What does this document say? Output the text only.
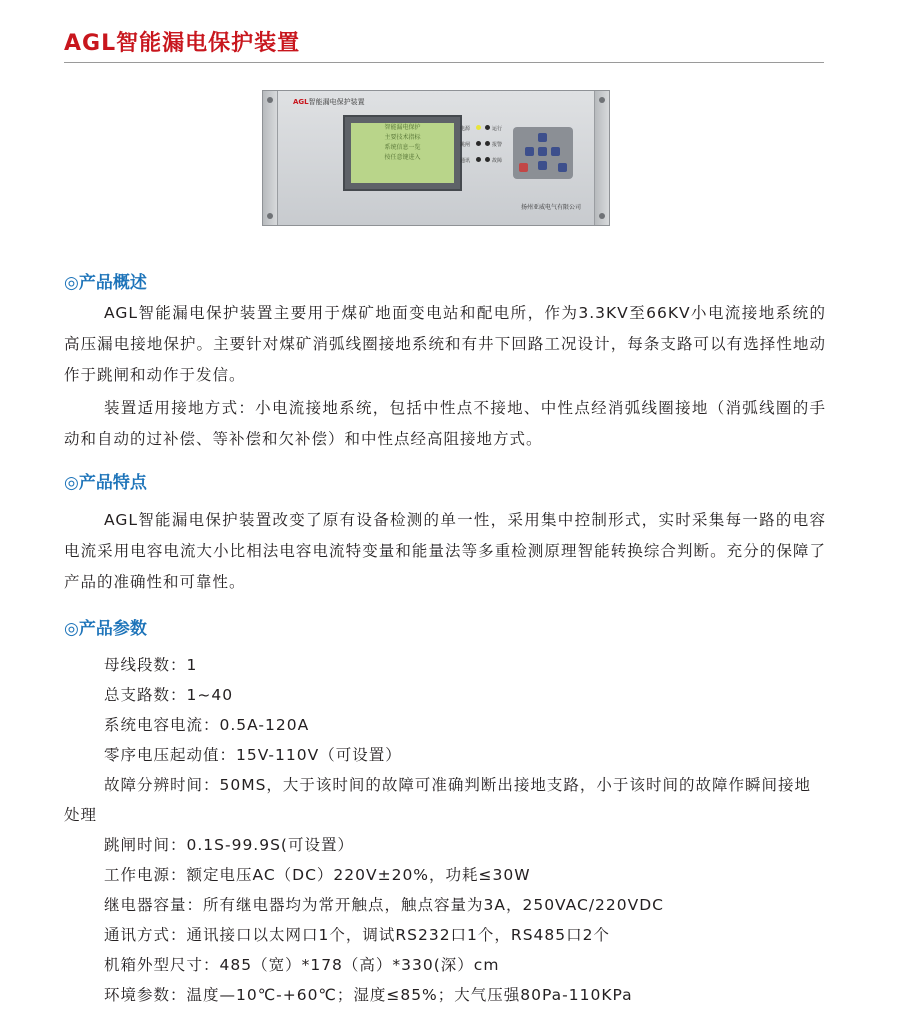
AGL智能漏电保护装置
AGL智能漏电保护装置
智能漏电保护
主要技术指标
系统信息一览
按任意键进入
电源	运行
跳闸	报警
通讯	故障
扬州亚威电气有限公司
◎产品概述

AGL智能漏电保护装置主要用于煤矿地面变电站和配电所，作为3.3KV至66KV小电流接地系统的高压漏电接地保护。主要针对煤矿消弧线圈接地系统和有井下回路工况设计，每条支路可以有选择性地动作于跳闸和动作于发信。

装置适用接地方式：小电流接地系统，包括中性点不接地、中性点经消弧线圈接地（消弧线圈的手动和自动的过补偿、等补偿和欠补偿）和中性点经高阻接地方式。

◎产品特点

AGL智能漏电保护装置改变了原有设备检测的单一性，采用集中控制形式，实时采集每一路的电容电流采用电容电流大小比相法电容电流特变量和能量法等多重检测原理智能转换综合判断。充分的保障了产品的准确性和可靠性。

◎产品参数
母线段数：1
总支路数：1~40
系统电容电流：0.5A-120A
零序电压起动值：15V-110V（可设置）
故障分辨时间：50MS，大于该时间的故障可准确判断出接地支路，小于该时间的故障作瞬间接地处理
跳闸时间：0.1S-99.9S(可设置）
工作电源：额定电压AC（DC）220V±20%，功耗≤30W
继电器容量：所有继电器均为常开触点，触点容量为3A，250VAC/220VDC
通讯方式：通讯接口以太网口1个，调试RS232口1个，RS485口2个
机箱外型尺寸：485（宽）*178（高）*330(深）cm
环境参数：温度—10℃-+60℃；湿度≤85%；大气压强80Pa-110KPa
